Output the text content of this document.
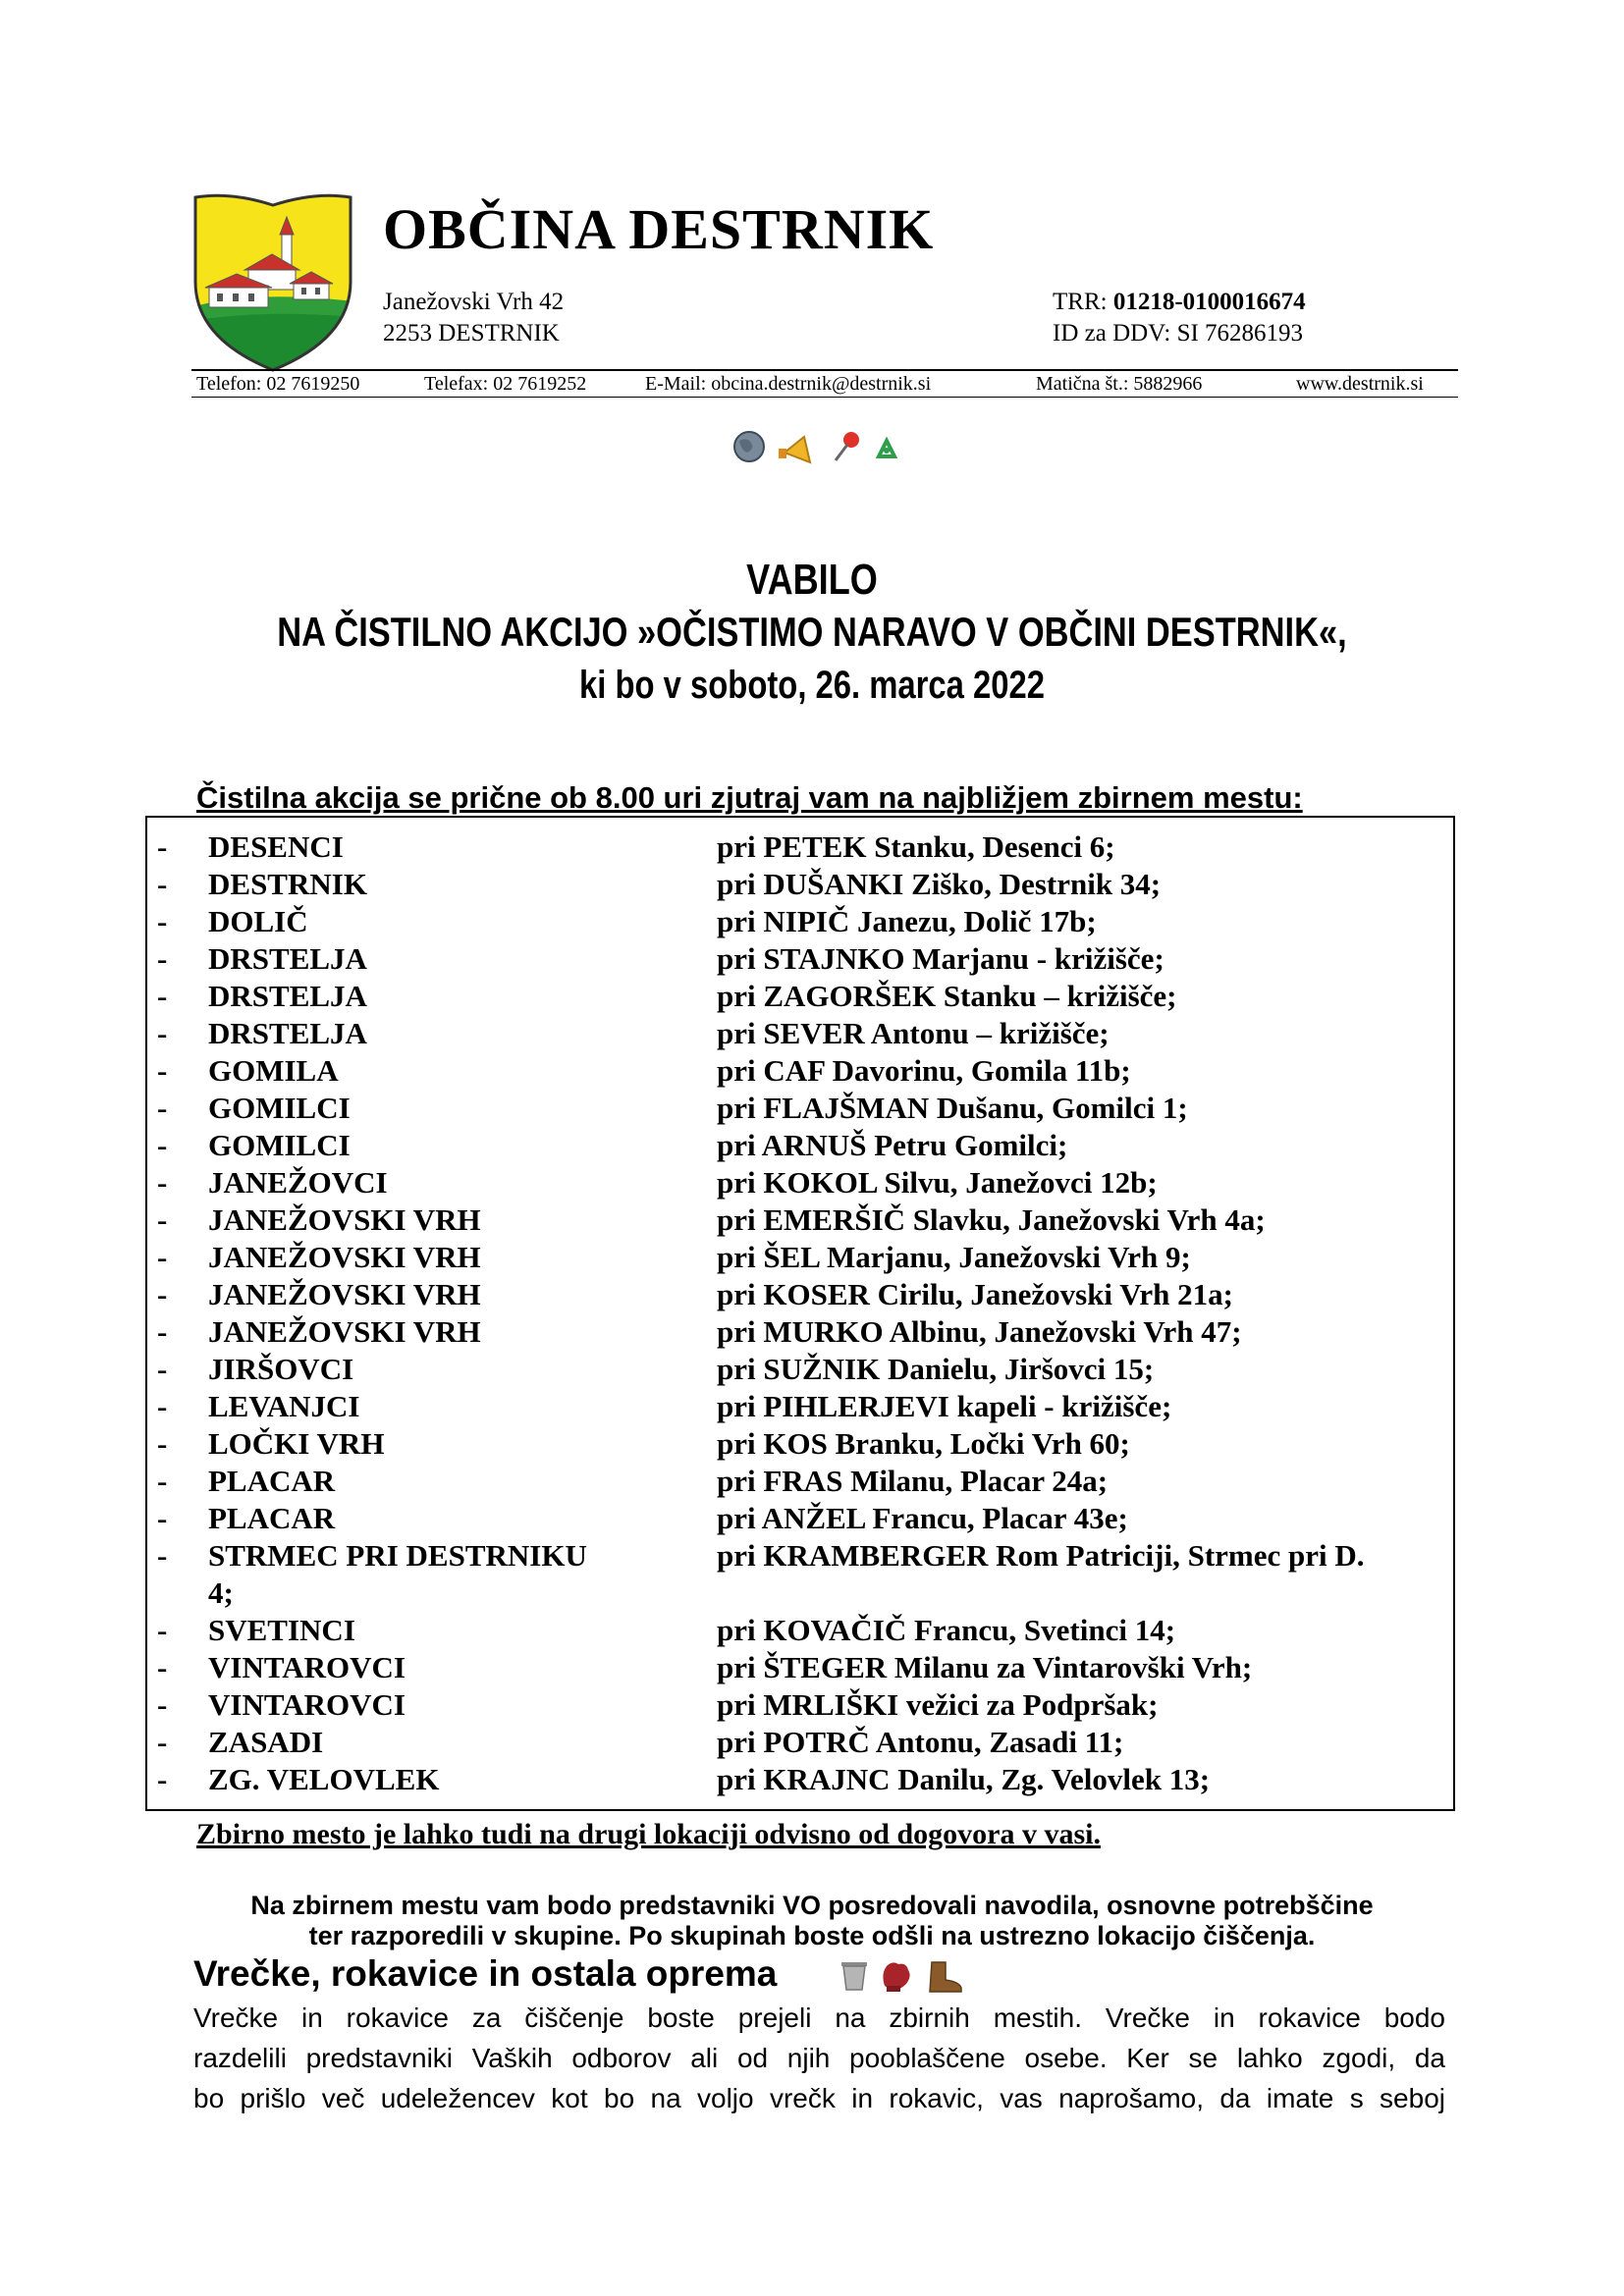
OBČINA DESTRNIK
Janežovski Vrh 42
2253 DESTRNIK
TRR: 01218-0100016674
ID za DDV: SI 76286193
Telefon: 02 7619250	Telefax: 02 7619252	E-Mail: obcina.destrnik@destrnik.si	Matična št.: 5882966	www.destrnik.si
VABILO
NA ČISTILNO AKCIJO »OČISTIMO NARAVO V OBČINI DESTRNIK«,
ki bo v soboto, 26. marca 2022
Čistilna akcija se prične ob 8.00 uri zjutraj vam na najbližjem zbirnem mestu:
- DESENCI	pri PETEK Stanku, Desenci 6;
- DESTRNIK	pri DUŠANKI Ziško, Destrnik 34;
- DOLIČ	pri NIPIČ Janezu, Dolič 17b;
- DRSTELJA	pri STAJNKO Marjanu - križišče;
- DRSTELJA	pri ZAGORŠEK Stanku – križišče;
- DRSTELJA	pri SEVER Antonu – križišče;
- GOMILA	pri CAF Davorinu, Gomila 11b;
- GOMILCI	pri FLAJŠMAN Dušanu, Gomilci 1;
- GOMILCI	pri ARNUŠ Petru Gomilci;
- JANEŽOVCI	pri KOKOL Silvu, Janežovci 12b;
- JANEŽOVSKI VRH	pri EMERŠIČ Slavku, Janežovski Vrh 4a;
- JANEŽOVSKI VRH	pri ŠEL Marjanu, Janežovski Vrh 9;
- JANEŽOVSKI VRH	pri KOSER Cirilu, Janežovski Vrh 21a;
- JANEŽOVSKI VRH	pri MURKO Albinu, Janežovski Vrh 47;
- JIRŠOVCI	pri SUŽNIK Danielu, Jiršovci 15;
- LEVANJCI	pri PIHLERJEVI kapeli - križišče;
- LOČKI VRH	pri KOS Branku, Ločki Vrh 60;
- PLACAR	pri FRAS Milanu, Placar 24a;
- PLACAR	pri ANŽEL Francu, Placar 43e;
- STRMEC PRI DESTRNIKU	pri KRAMBERGER Rom Patriciji, Strmec pri D.
4;
- SVETINCI	pri KOVAČIČ Francu, Svetinci 14;
- VINTAROVCI	pri ŠTEGER Milanu za Vintarovški Vrh;
- VINTAROVCI	pri MRLIŠKI vežici za Podpršak;
- ZASADI	pri POTRČ Antonu, Zasadi 11;
- ZG. VELOVLEK	pri KRAJNC Danilu, Zg. Velovlek 13;
Zbirno mesto je lahko tudi na drugi lokaciji odvisno od dogovora v vasi.
Na zbirnem mestu vam bodo predstavniki VO posredovali navodila, osnovne potrebščine
ter razporedili v skupine. Po skupinah boste odšli na ustrezno lokacijo čiščenja.
Vrečke, rokavice in ostala oprema
Vrečke in rokavice za čiščenje boste prejeli na zbirnih mestih. Vrečke in rokavice bodo
razdelili predstavniki Vaških odborov ali od njih pooblaščene osebe. Ker se lahko zgodi, da
bo prišlo več udeležencev kot bo na voljo vrečk in rokavic, vas naprošamo, da imate s seboj
